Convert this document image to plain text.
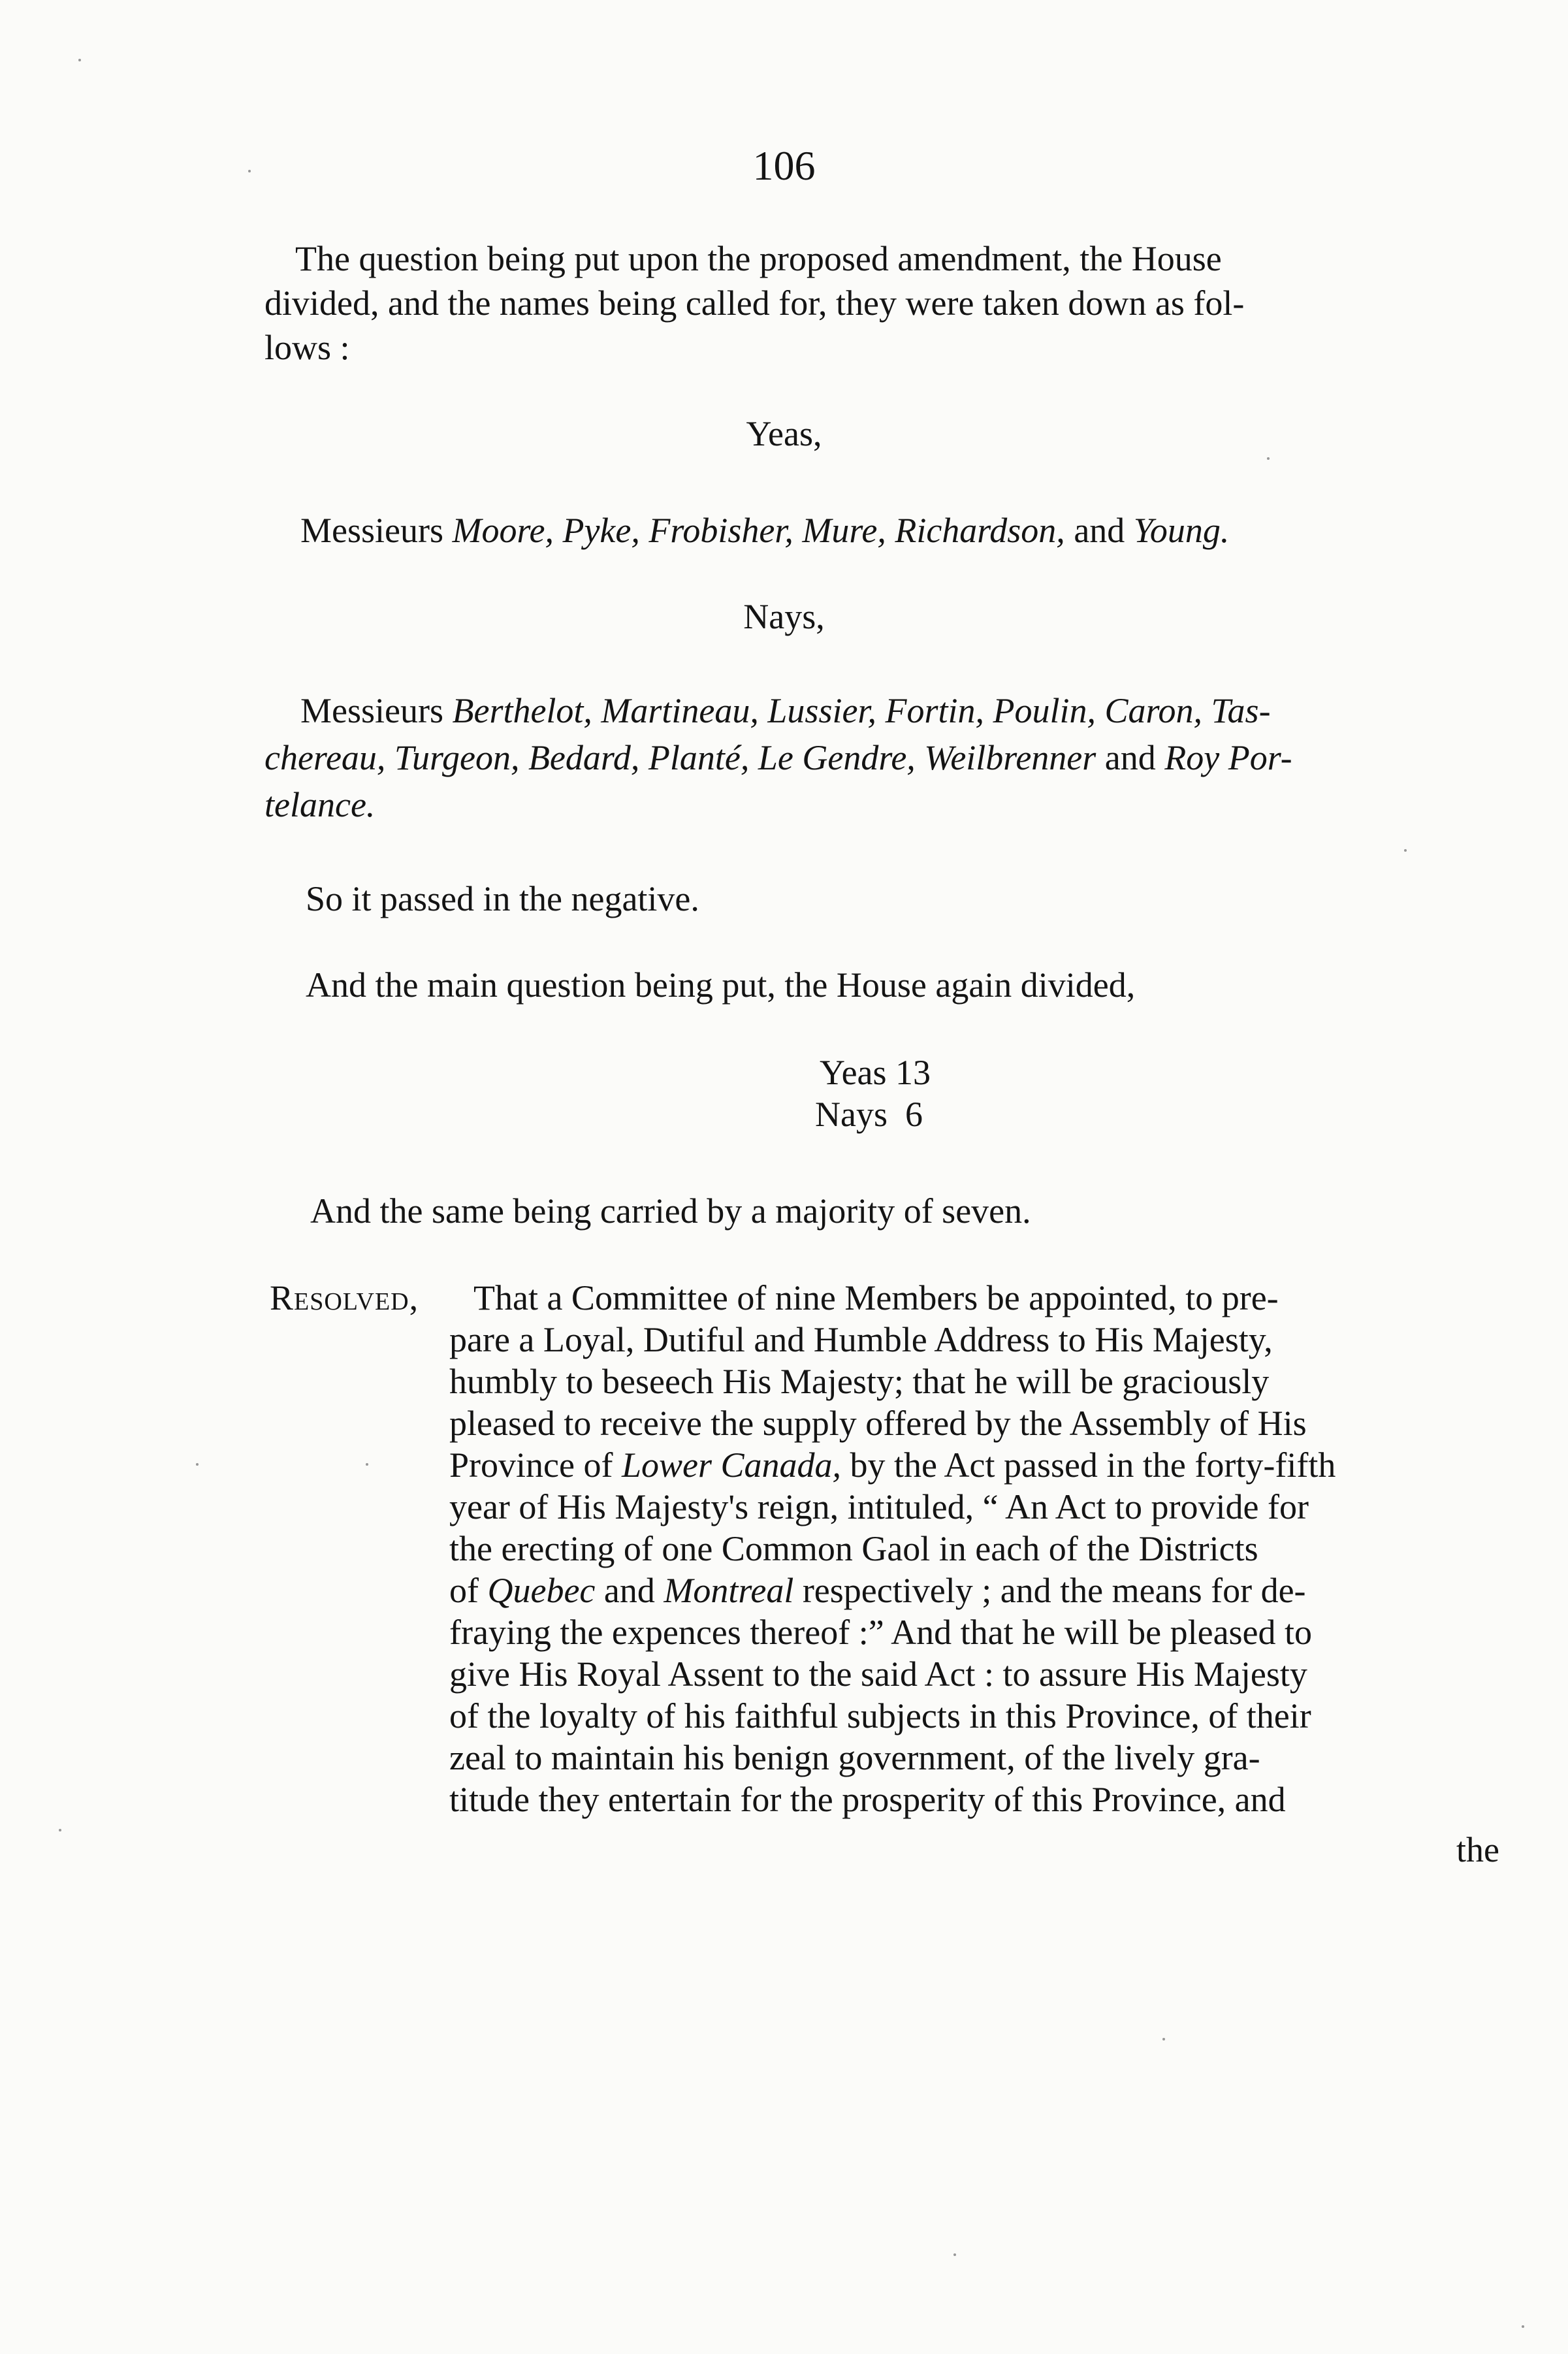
106
The question being put upon the proposed amendment, the House
divided, and the names being called for, they were taken down as fol-
lows :
Yeas,
Messieurs Moore, Pyke, Frobisher, Mure, Richardson, and Young.
Nays,
Messieurs Berthelot, Martineau, Lussier, Fortin, Poulin, Caron, Tas-
chereau, Turgeon, Bedard, Planté, Le Gendre, Weilbrenner and Roy Por-
telance.
So it passed in the negative.
And the main question being put, the House again divided,
Yeas 13
Nays  6
And the same being carried by a majority of seven.
Resolved, That a Committee of nine Members be appointed, to pre-
pare a Loyal, Dutiful and Humble Address to His Majesty,
humbly to beseech His Majesty; that he will be graciously
pleased to receive the supply offered by the Assembly of His
Province of Lower Canada, by the Act passed in the forty-fifth
year of His Majesty's reign, intituled, “ An Act to provide for
the erecting of one Common Gaol in each of the Districts
of Quebec and Montreal respectively ; and the means for de-
fraying the expences thereof :” And that he will be pleased to
give His Royal Assent to the said Act : to assure His Majesty
of the loyalty of his faithful subjects in this Province, of their
zeal to maintain his benign government, of the lively gra-
titude they entertain for the prosperity of this Province, and
the
